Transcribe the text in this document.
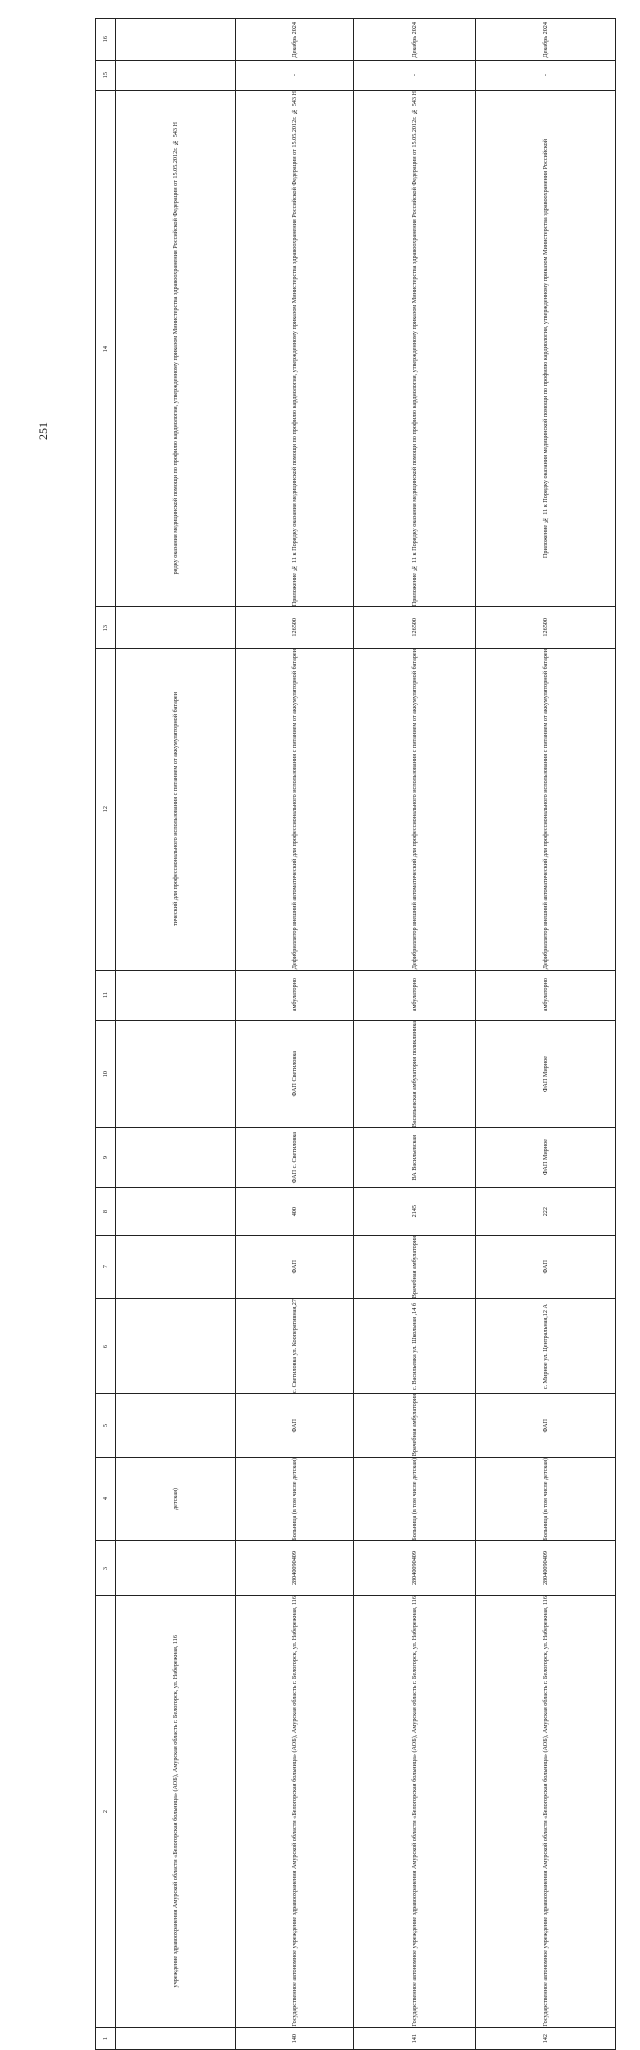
251
16		Декабрь 2024	Декабрь 2024	Декабрь 2024

15		-	-	-

14	рядку оказания медицинской помощи по профилю кардиология, утвержденному приказом Министерства здравоохранения Российской Федерации от 15.05.2012г. № 543 Н	Приложение № 11 к Порядку оказания медицинской помощи по профилю кардиология, утвержденному приказом Министерства здравоохранения Российской Федерации от 15.05.2012г. № 543 Н	Приложение № 11 к Порядку оказания медицинской помощи по профилю кардиология, утвержденному приказом Министерства здравоохранения Российской Федерации от 15.05.2012г. № 543 Н	Приложение № 11 к Порядку оказания медицинской помощи по профилю кардиология, утвержденному приказом Министерства здравоохранения Российской

13		126500	126500	126500

12	тический для профессионального использования с питанием от аккумуляторной батареи	Дефибриллятор внешний автоматический для профессионального использования с питанием от аккумуляторной батареи	Дефибриллятор внешний автоматический для профессионального использования с питанием от аккумуляторной батареи	Дефибриллятор внешний автоматический для профессионального использования с питанием от аккумуляторной батареи

11		амбулаторно	амбулаторно	амбулаторно

10		ФАП Светиловка	Васильевская амбулатория поликлиника	ФАП Мирное

9		ФАП с. Светиловка	ВА Васильевская	ФАП Мирное

8		400	2145	222

7		ФАП	Врачебная амбулатория	ФАП

6		с. Светиловка ул. Кооперативная,27	с. Васильевка ул. Школьная ,14 б	с. Мирное ул. Центральная,12 А

5		ФАП	Врачебная амбулатория	ФАП

4	детская)	Больница (в том числе детская)	Больница (в том числе детская)	Больница (в том числе детская)

3		28040090409	28040090409	28040090409

2	учреждение здравоохранения Амурской области «Белогорская больница» (АОБ), Амурская область г. Белогорск, ул. Набережная, 116	Государственное автономное учреждение здравоохранения Амурской области «Белогорская больница» (АОБ), Амурская область г. Белогорск, ул. Набережная, 116	Государственное автономное учреждение здравоохранения Амурской области «Белогорская больница» (АОБ), Амурская область г. Белогорск, ул. Набережная, 116	Государственное автономное учреждение здравоохранения Амурской области «Белогорская больница» (АОБ), Амурская область г. Белогорск, ул. Набережная, 116

1		140	141	142
